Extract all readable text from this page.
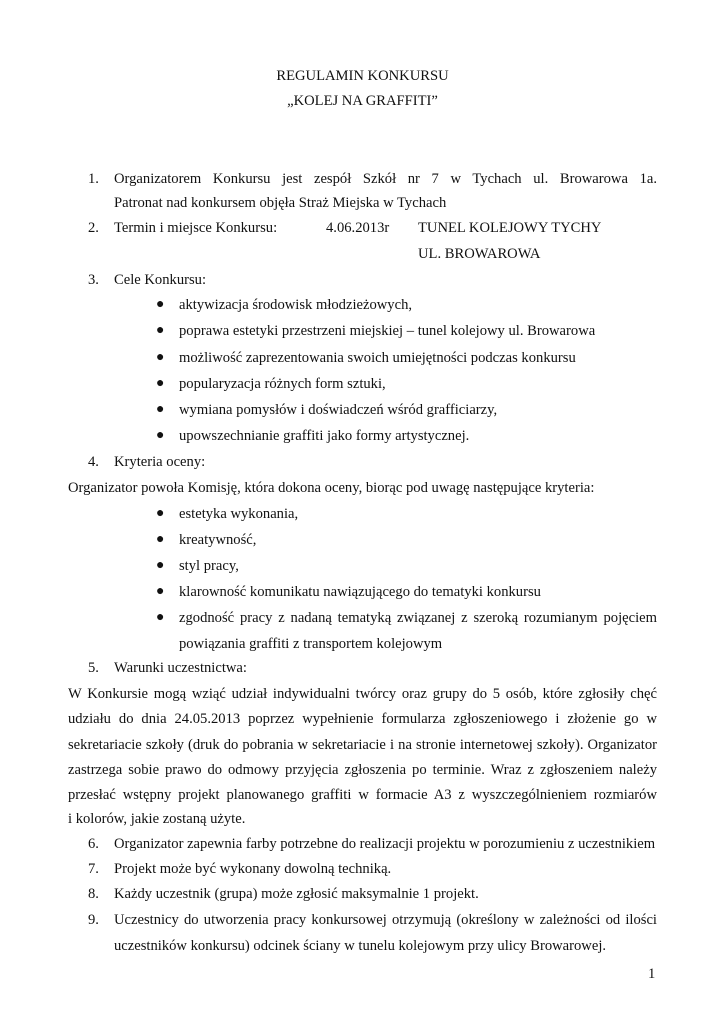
REGULAMIN KONKURSU
„KOLEJ NA GRAFFITI”
1. Organizatorem Konkursu jest zespół Szkół nr 7 w Tychach ul. Browarowa 1a.
Patronat nad konkursem objęła Straż Miejska w Tychach
2. Termin i miejsce Konkursu:	4.06.2013r TUNEL KOLEJOWY TYCHY
UL. BROWAROWA
3. Cele Konkursu:
● aktywizacja środowisk młodzieżowych,
● poprawa estetyki przestrzeni miejskiej – tunel kolejowy ul. Browarowa
● możliwość zaprezentowania swoich umiejętności podczas konkursu
● popularyzacja różnych form sztuki,
● wymiana pomysłów i doświadczeń wśród grafficiarzy,
● upowszechnianie graffiti jako formy artystycznej.
4. Kryteria oceny:
Organizator powoła Komisję, która dokona oceny, biorąc pod uwagę następujące kryteria:
● estetyka wykonania,
● kreatywność,
● styl pracy,
● klarowność komunikatu nawiązującego do tematyki konkursu
● zgodność pracy z nadaną tematyką związanej z szeroką rozumianym pojęciem
powiązania graffiti z transportem kolejowym
5. Warunki uczestnictwa:
W Konkursie mogą wziąć udział indywidualni twórcy oraz grupy do 5 osób, które zgłosiły chęć
udziału do dnia 24.05.2013 poprzez wypełnienie formularza zgłoszeniowego i złożenie go w
sekretariacie szkoły (druk do pobrania w sekretariacie i na stronie internetowej szkoły). Organizator
zastrzega sobie prawo do odmowy przyjęcia zgłoszenia po terminie. Wraz z zgłoszeniem należy
przesłać wstępny projekt planowanego graffiti w formacie A3 z wyszczególnieniem rozmiarów
i kolorów, jakie zostaną użyte.
6. Organizator zapewnia farby potrzebne do realizacji projektu w porozumieniu z uczestnikiem
7. Projekt może być wykonany dowolną techniką.
8. Każdy uczestnik (grupa) może zgłosić maksymalnie 1 projekt.
9. Uczestnicy do utworzenia pracy konkursowej otrzymują (określony w zależności od ilości
uczestników konkursu) odcinek ściany w tunelu kolejowym przy ulicy Browarowej.
1
